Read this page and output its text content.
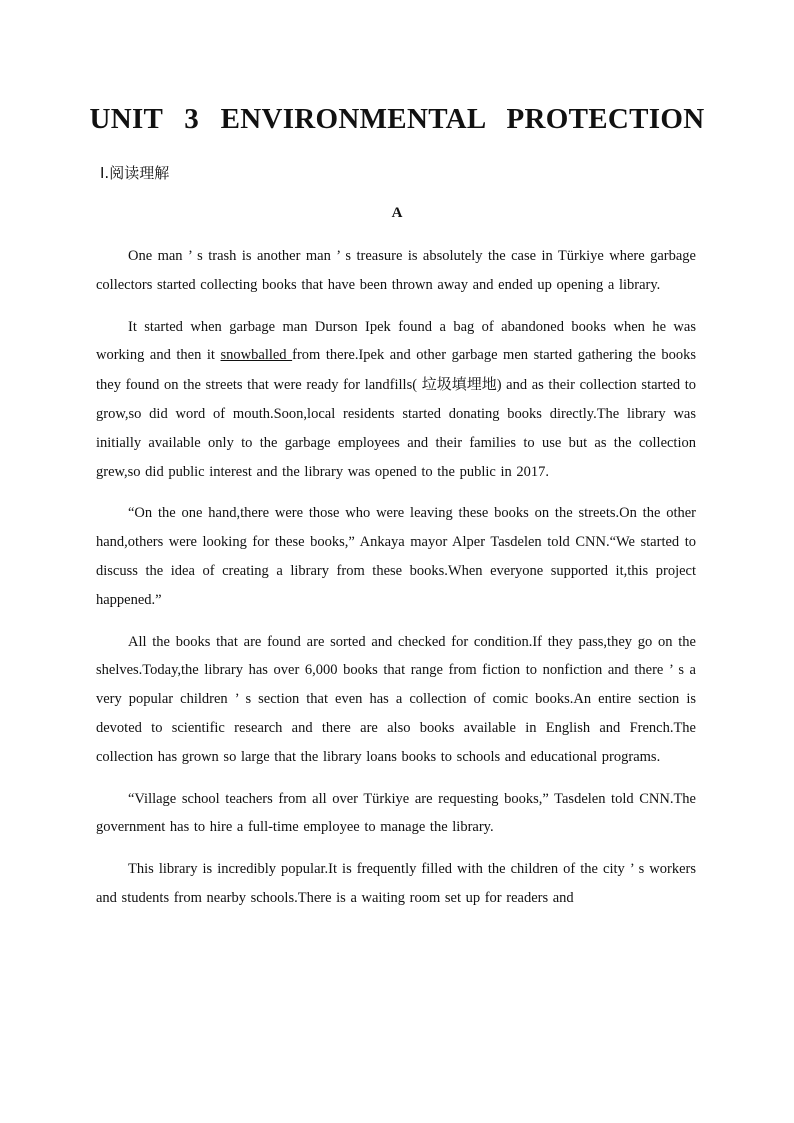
UNIT 3 ENVIRONMENTAL PROTECTION
Ⅰ.阅读理解
A

One man ’ s trash is another man ’ s treasure is absolutely the case in Türkiye where garbage collectors started collecting books that have been thrown away and ended up opening a library.

It started when garbage man Durson Ipek found a bag of abandoned books when he was working and then it snowballed from there.Ipek and other garbage men started gathering the books they found on the streets that were ready for landfills( 垃圾填埋地) and as their collection started to grow,so did word of mouth.Soon,local residents started donating books directly.The library was initially available only to the garbage employees and their families to use but as the collection grew,so did public interest and the library was opened to the public in 2017.

“On the one hand,there were those who were leaving these books on the streets.On the other hand,others were looking for these books,” Ankaya mayor Alper Tasdelen told CNN.“We started to discuss the idea of creating a library from these books.When everyone supported it,this project happened.”

All the books that are found are sorted and checked for condition.If they pass,they go on the shelves.Today,the library has over 6,000 books that range from fiction to nonfiction and there ’ s a very popular children ’ s section that even has a collection of comic books.An entire section is devoted to scientific research and there are also books available in English and French.The collection has grown so large that the library loans books to schools and educational programs.

“Village school teachers from all over Türkiye are requesting books,” Tasdelen told CNN.The government has to hire a full-time employee to manage the library.

This library is incredibly popular.It is frequently filled with the children of the city ’ s workers and students from nearby schools.There is a waiting room set up for readers and
